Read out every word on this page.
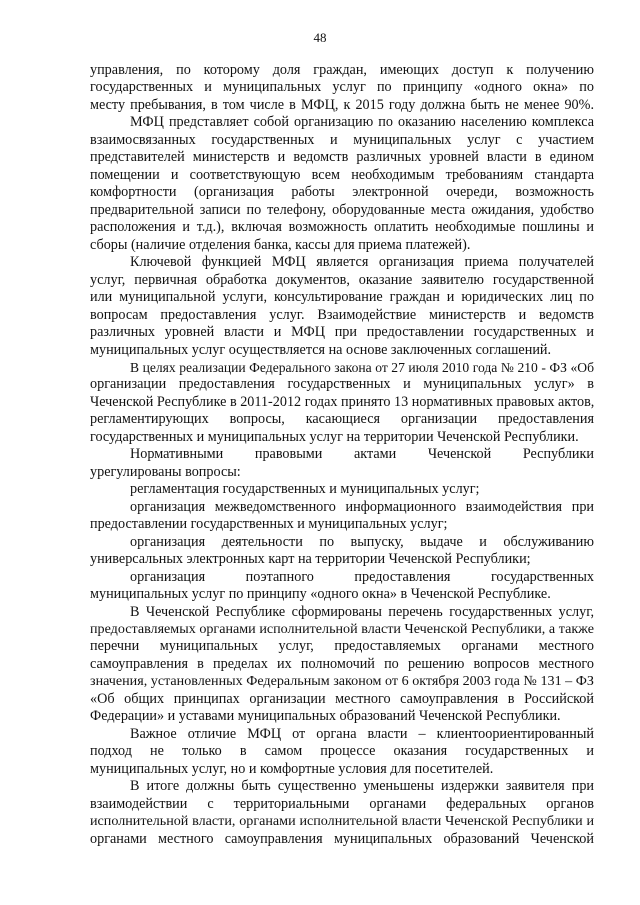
48
управления, по которому доля граждан, имеющих доступ к получению
государственных и муниципальных услуг по принципу «одного окна» по
месту пребывания, в том числе в МФЦ, к 2015 году должна быть не менее 90%.
МФЦ представляет собой организацию по оказанию населению комплекса
взаимосвязанных государственных и муниципальных услуг с участием
представителей министерств и ведомств различных уровней власти в едином
помещении и соответствующую всем необходимым требованиям стандарта
комфортности (организация работы электронной очереди, возможность
предварительной записи по телефону, оборудованные места ожидания, удобство
расположения и т.д.), включая возможность оплатить необходимые пошлины и
сборы (наличие отделения банка, кассы для приема платежей).
Ключевой функцией МФЦ является организация приема получателей
услуг, первичная обработка документов, оказание заявителю государственной
или муниципальной услуги, консультирование граждан и юридических лиц по
вопросам предоставления услуг. Взаимодействие министерств и ведомств
различных уровней власти и МФЦ при предоставлении государственных и
муниципальных услуг осуществляется на основе заключенных соглашений.
В целях реализации Федерального закона от 27 июля 2010 года № 210 - ФЗ «Об
организации предоставления государственных и муниципальных услуг» в
Чеченской Республике в 2011-2012 годах принято 13 нормативных правовых актов,
регламентирующих вопросы, касающиеся организации предоставления
государственных и муниципальных услуг на территории Чеченской Республики.
Нормативными правовыми актами Чеченской Республики
урегулированы вопросы:
регламентация государственных и муниципальных услуг;
организация межведомственного информационного взаимодействия при
предоставлении государственных и муниципальных услуг;
организация деятельности по выпуску, выдаче и обслуживанию
универсальных электронных карт на территории Чеченской Республики;
организация поэтапного предоставления государственных
муниципальных услуг по принципу «одного окна» в Чеченской Республике.
В Чеченской Республике сформированы перечень государственных услуг,
предоставляемых органами исполнительной власти Чеченской Республики, а также
перечни муниципальных услуг, предоставляемых органами местного
самоуправления в пределах их полномочий по решению вопросов местного
значения, установленных Федеральным законом от 6 октября 2003 года № 131 – ФЗ
«Об общих принципах организации местного самоуправления в Российской
Федерации» и уставами муниципальных образований Чеченской Республики.
Важное отличие МФЦ от органа власти – клиентоориентированный
подход не только в самом процессе оказания государственных и
муниципальных услуг, но и комфортные условия для посетителей.
В итоге должны быть существенно уменьшены издержки заявителя при
взаимодействии с территориальными органами федеральных органов
исполнительной власти, органами исполнительной власти Чеченской Республики и
органами местного самоуправления муниципальных образований Чеченской
